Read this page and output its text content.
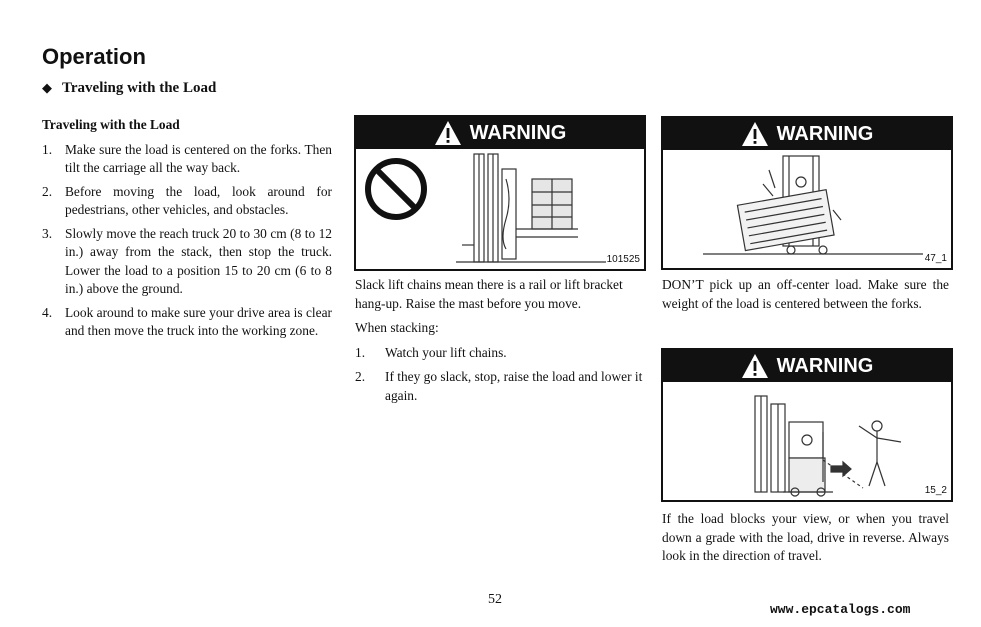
Operation
◆ Traveling with the Load
Traveling with the Load
1. Make sure the load is centered on the forks. Then tilt the carriage all the way back.
2. Before moving the load, look around for pedestrians, other vehicles, and obstacles.
3. Slowly move the reach truck 20 to 30 cm (8 to 12 in.) away from the stack, then stop the truck. Lower the load to a position 15 to 20 cm (6 to 8 in.) above the ground.
4. Look around to make sure your drive area is clear and then move the truck into the working zone.
WARNING
101525
WARNING
47_1

Slack lift chains mean there is a rail or lift bracket hang-up. Raise the mast before you move.

When stacking:

1. Watch your lift chains.
2. If they go slack, stop, raise the load and lower it again.
DON’T pick up an off-center load. Make sure the weight of the load is centered between the forks.
WARNING
15_2
If the load blocks your view, or when you travel down a grade with the load, drive in reverse. Always look in the direction of travel.
52
www.epcatalogs.com
